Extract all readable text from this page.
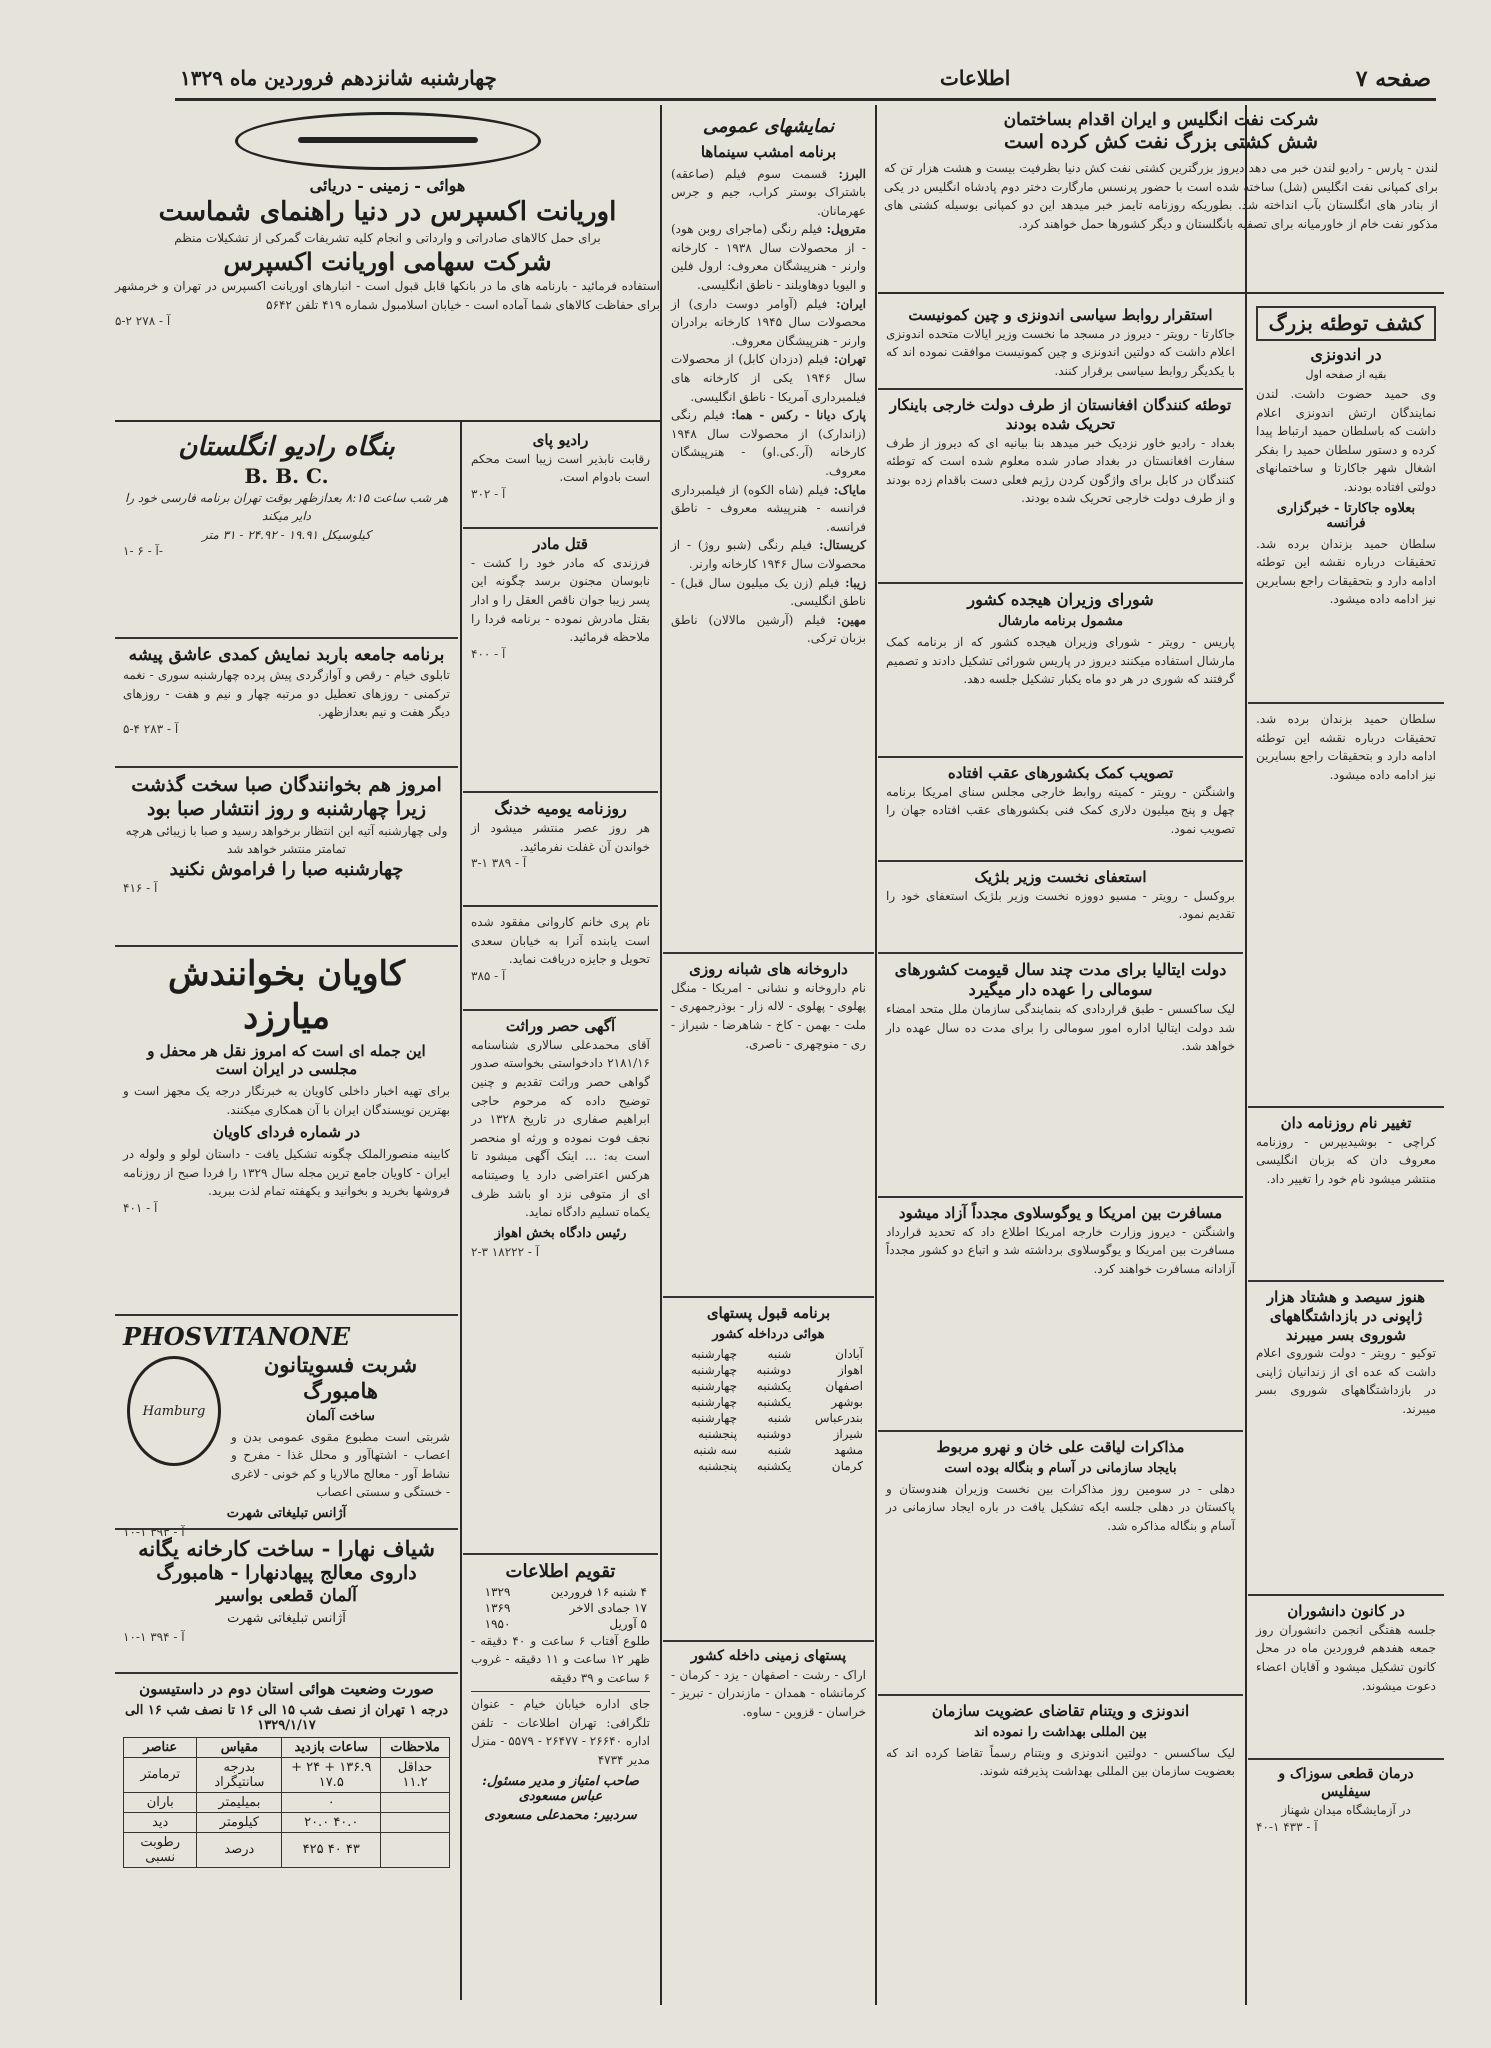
صفحه ۷
اطلاعات
چهارشنبه شانزدهم فروردین ماه ۱۳۲۹
شرکت نفت انگلیس و ایران اقدام بساختمان
شش کشتی بزرگ نفت کش کرده است
لندن - پارس - رادیو لندن خبر می دهد دیروز بزرگترین کشتی نفت کش دنیا بظرفیت بیست و هشت هزار تن که برای کمپانی نفت انگلیس (شل) ساخته شده است با حضور پرنسس مارگارت دختر دوم پادشاه انگلیس در یکی از بنادر های انگلستان بآب انداخته شد. بطوریکه روزنامه تایمز خبر میدهد این دو کمپانی بوسیله کشتی های مذکور نفت خام از خاورمیانه برای تصفیه بانگلستان و دیگر کشورها حمل خواهند کرد.
استقرار روابط سیاسی اندونزی و چین کمونیست
جاکارتا - رویتر - دیروز در مسجد ما نخست وزیر ایالات متحده اندونزی اعلام داشت که دولتین اندونزی و چین کمونیست موافقت نموده اند که با یکدیگر روابط سیاسی برقرار کنند.
توطئه کنندگان افغانستان از طرف دولت خارجی باینکار تحریک شده بودند
بغداد - رادیو خاور نزدیک خبر میدهد بنا بیانیه ای که دیروز از طرف سفارت افغانستان در بغداد صادر شده معلوم شده است که توطئه کنندگان در کابل برای واژگون کردن رژیم فعلی دست باقدام زده بودند و از طرف دولت خارجی تحریک شده بودند.
شورای وزیران هیجده کشور
مشمول برنامه مارشال
پاریس - رویتر - شورای وزیران هیجده کشور که از برنامه کمک مارشال استفاده میکنند دیروز در پاریس شورائی تشکیل دادند و تصمیم گرفتند که شوری در هر دو ماه یکبار تشکیل جلسه دهد.
تصویب کمک بکشورهای عقب افتاده
واشنگتن - رویتر - کمیته روابط خارجی مجلس سنای امریکا برنامه چهل و پنج میلیون دلاری کمک فنی بکشورهای عقب افتاده جهان را تصویب نمود.
استعفای نخست وزیر بلژیک
بروکسل - رویتر - مسیو دووزه نخست وزیر بلژیک استعفای خود را تقدیم نمود.
دولت ایتالیا برای مدت چند سال قیومت کشورهای سومالی را عهده دار میگیرد
لیک ساکسس - طبق قراردادی که بنمایندگی سازمان ملل متحد امضاء شد دولت ایتالیا اداره امور سومالی را برای مدت ده سال عهده دار خواهد شد.
مسافرت بین امریکا و یوگوسلاوی مجدداً آزاد میشود
واشنگتن - دیروز وزارت خارجه امریکا اطلاع داد که تحدید قرارداد مسافرت بین امریکا و یوگوسلاوی برداشته شد و اتباع دو کشور مجدداً آزادانه مسافرت خواهند کرد.
مذاکرات لیاقت علی خان و نهرو مربوط
بایجاد سازمانی در آسام و بنگاله بوده است
دهلی - در سومین روز مذاکرات بین نخست وزیران هندوستان و پاکستان در دهلی جلسه ایکه تشکیل یافت در باره ایجاد سازمانی در آسام و بنگاله مذاکره شد.
اندونزی و ویتنام تقاضای عضویت سازمان
بین المللی بهداشت را نموده اند
لیک ساکسس - دولتین اندونزی و ویتنام رسماً تقاضا کرده اند که بعضویت سازمان بین المللی بهداشت پذیرفته شوند.
کشف توطئه بزرگ
در اندونزی
بقیه از صفحه اول
وی حمید حضوت داشت. لندن نمایندگان ارتش اندونزی اعلام داشت که باسلطان حمید ارتباط پیدا کرده و دستور سلطان حمید را بفکر اشغال شهر جاکارتا و ساختمانهای دولتی افتاده بودند.
بعلاوه جاکارتا - خبرگزاری فرانسه
سلطان حمید بزندان برده شد. تحقیقات درباره نقشه این توطئه ادامه دارد و بتحقیقات راجع بسایرین نیز ادامه داده میشود.
سلطان حمید بزندان برده شد. تحقیقات درباره نقشه این توطئه ادامه دارد و بتحقیقات راجع بسایرین نیز ادامه داده میشود.
تغییر نام روزنامه دان
کراچی - بوشیدیپرس - روزنامه معروف دان که بزبان انگلیسی منتشر میشود نام خود را تغییر داد.
هنوز سیصد و هشتاد هزار ژاپونی در بازداشتگاههای شوروی بسر میبرند
توکیو - رویتر - دولت شوروی اعلام داشت که عده ای از زندانیان ژاپنی در بازداشتگاههای شوروی بسر میبرند.
در کانون دانشوران
جلسه هفتگی انجمن دانشوران روز جمعه هفدهم فروردین ماه در محل کانون تشکیل میشود و آقایان اعضاء دعوت میشوند.
درمان قطعی سوزاک و سیفلیس
در آزمایشگاه میدان شهناز
آ - ۴۳۳ ۱-۴۰
نمایشهای عمومی
برنامه امشب سینماها
البرز: قسمت سوم فیلم (صاعقه) باشتراک بوستر کراب، جیم و جرس عهرمانان.
متروپل: فیلم رنگی (ماجرای روبن هود) - از محصولات سال ۱۹۳۸ - کارخانه وارنر - هنرپیشگان معروف: ارول فلین و الیویا دوهاویلند - ناطق انگلیسی.
ایران: فیلم (آوامر دوست داری) از محصولات سال ۱۹۴۵ کارخانه برادران وارنر - هنرپیشگان معروف.
تهران: فیلم (دزدان کابل) از محصولات سال ۱۹۴۶ یکی از کارخانه های فیلمبرداری آمریکا - ناطق انگلیسی.
پارک دیانا - رکس - هما: فیلم رنگی (زاندارک) از محصولات سال ۱۹۴۸ کارخانه (آر.کی.او) - هنرپیشگان معروف.
مایاک: فیلم (شاه الکوه) از فیلمبرداری فرانسه - هنرپیشه معروف - ناطق فرانسه.
کریستال: فیلم رنگی (شبو روژ) - از محصولات سال ۱۹۴۶ کارخانه وارنر.
زیبا: فیلم (زن یک میلیون سال قبل) - ناطق انگلیسی.
مهین: فیلم (آرشین مالالان) ناطق بزبان ترکی.
داروخانه های شبانه روزی
نام داروخانه و نشانی - امریکا - منگل پهلوی - پهلوی - لاله زار - بوذرجمهری - ملت - بهمن - کاخ - شاهرضا - شیراز - ری - منوچهری - ناصری.
برنامه قبول پستهای
هوائی درداخله کشور
آبادان	شنبه	چهارشنبه
اهواز	دوشنبه	چهارشنبه
اصفهان	یکشنبه	چهارشنبه
بوشهر	یکشنبه	چهارشنبه
بندرعباس	شنبه	چهارشنبه
شیراز	دوشنبه	پنجشنبه
مشهد	شنبه	سه شنبه
کرمان	یکشنبه	پنجشنبه
پستهای زمینی داخله کشور
اراک - رشت - اصفهان - یزد - کرمان - کرمانشاه - همدان - مازندران - تبریز - خراسان - قزوین - ساوه.
رادیو پای
رقابت نابذیر است زیبا است محکم است بادوام است.
آ - ۳۰۲
قتل مادر
فرزندی که مادر خود را کشت - نابوسان مجنون برسد چگونه این پسر زیبا جوان ناقص العقل را و ادار بقتل مادرش نموده - برنامه فردا را ملاحظه فرمائید.
آ - ۴۰۰
روزنامه یومیه خدنگ
هر روز عصر منتشر میشود از خواندن آن غفلت نفرمائید.
آ - ۳۸۹ ۱-۳
نام پری خانم کاروانی مفقود شده است یابنده آنرا به خیابان سعدی تحویل و جایزه دریافت نماید.
آ - ۳۸۵
آگهی حصر وراثت
آقای محمدعلی سالاری شناسنامه ۲۱۸۱/۱۶ دادخواستی بخواسته صدور گواهی حصر وراثت تقدیم و چنین توضیح داده که مرحوم حاجی ابراهیم صفاری در تاریخ ۱۳۲۸ در نجف فوت نموده و ورثه او منحصر است به: ... اینک آگهی میشود تا هرکس اعتراضی دارد یا وصیتنامه ای از متوفی نزد او باشد ظرف یکماه تسلیم دادگاه نماید.
رئیس دادگاه بخش اهواز
آ - ۱۸۲۲۲ ۳-۲
تقویم اطلاعات
۴ شنبه ۱۶ فروردین	۱۳۲۹
۱۷ جمادی الاخر	۱۳۶۹
۵ آوریل	۱۹۵۰
طلوع آفتاب ۶ ساعت و ۴۰ دقیقه - ظهر ۱۲ ساعت و ۱۱ دقیقه - غروب ۶ ساعت و ۳۹ دقیقه
جای اداره خیابان خیام - عنوان تلگرافی: تهران اطلاعات - تلفن اداره ۲۶۶۴۰ - ۲۶۴۷۷ - ۵۵۷۹ - منزل مدیر ۴۷۳۴
صاحب امتیاز و مدیر مسئول: عباس مسعودی
سردبیر: محمدعلی مسعودی
هوائی - زمینی - دریائی
اوریانت اکسپرس در دنیا راهنمای شماست
برای حمل کالاهای صادراتی و وارداتی و انجام کلیه تشریفات گمرکی از تشکیلات منظم
شرکت سهامی اوریانت اکسپرس
استفاده فرمائید - بارنامه های ما در بانکها قابل قبول است - انبارهای اوریانت اکسپرس در تهران و خرمشهر برای حفاظت کالاهای شما آماده است - خیابان اسلامبول شماره ۴۱۹ تلفن ۵۶۴۲
آ - ۲۷۸ ۲-۵
بنگاه رادیو انگلستان
B. B. C.
هر شب ساعت ۸:۱۵ بعدازظهر بوقت تهران برنامه فارسی خود را داير میکند
کیلوسیکل ۱۹.۹۱ - ۲۴.۹۲ - ۳۱ متر
آ - ۶ -۱-
برنامه جامعه باربد نمایش کمدی عاشق پیشه
تابلوی خیام - رقص و آوازگردی پیش پرده چهارشنبه سوری - نغمه ترکمنی - روزهای تعطیل دو مرتبه چهار و نیم و هفت - روزهای دیگر هفت و نیم بعدازظهر.
آ - ۲۸۳ ۴-۵
امروز هم بخوانندگان صبا سخت گذشت
زیرا چهارشنبه و روز انتشار صبا بود
ولی چهارشنبه آتیه این انتظار برخواهد رسید و صبا با زیبائی هرچه تمامتر منتشر خواهد شد
چهارشنبه صبا را فراموش نکنید
آ - ۴۱۶
کاویان بخوانندش میارزد
این جمله ای است که امروز نقل هر محفل و مجلسی در ایران است
برای تهیه اخبار داخلی کاویان به خبرنگار درجه یک مجهز است و بهترین نویسندگان ایران با آن همکاری میکنند.
در شماره فردای کاویان
کابینه منصورالملک چگونه تشکیل یافت - داستان لولو و ولوله در ایران - کاویان جامع ترین مجله سال ۱۳۲۹ را فردا صبح از روزنامه فروشها بخرید و بخوانید و یکهفته تمام لذت ببرید.
آ - ۴۰۱
PHOSVITANONE
Hamburg
شربت فسویتانون هامبورگ
ساخت آلمان
شربتی است مطبوع مقوی عمومی بدن و اعصاب - اشتهاآور و محلل غذا - مفرح و نشاط آور - معالج مالاریا و کم خونی - لاغری - خستگی و سستی اعصاب
آژانس تبلیغاتی شهرت
آ - ۳۹۳ ۱-۱۰
شیاف نهارا - ساخت کارخانه یگانه
داروی معالج پیهادنهارا - هامبورگ
آلمان قطعی بواسیر
آژانس تبلیغاتی شهرت
آ - ۳۹۴ ۱-۱۰
صورت وضعیت هوائی استان دوم در داستیسون
درجه ۱ تهران از نصف شب ۱۵ الی ۱۶ تا نصف شب ۱۶ الی ۱۳۲۹/۱/۱۷
ملاحظات	ساعات بازدید	مقیاس	عناصر
حداقل ۱۱.۲	۱۳۶.۹ + ۲۴ + ۱۷.۵	بدرجه سانتیگراد	ترمامتر
	۰	بمیلیمتر	باران
	۴۰.۰ ۲۰.۰	کیلومتر	دید
	۴۳ ۴۰ ۴۲۵	درصد	رطوبت نسبی
